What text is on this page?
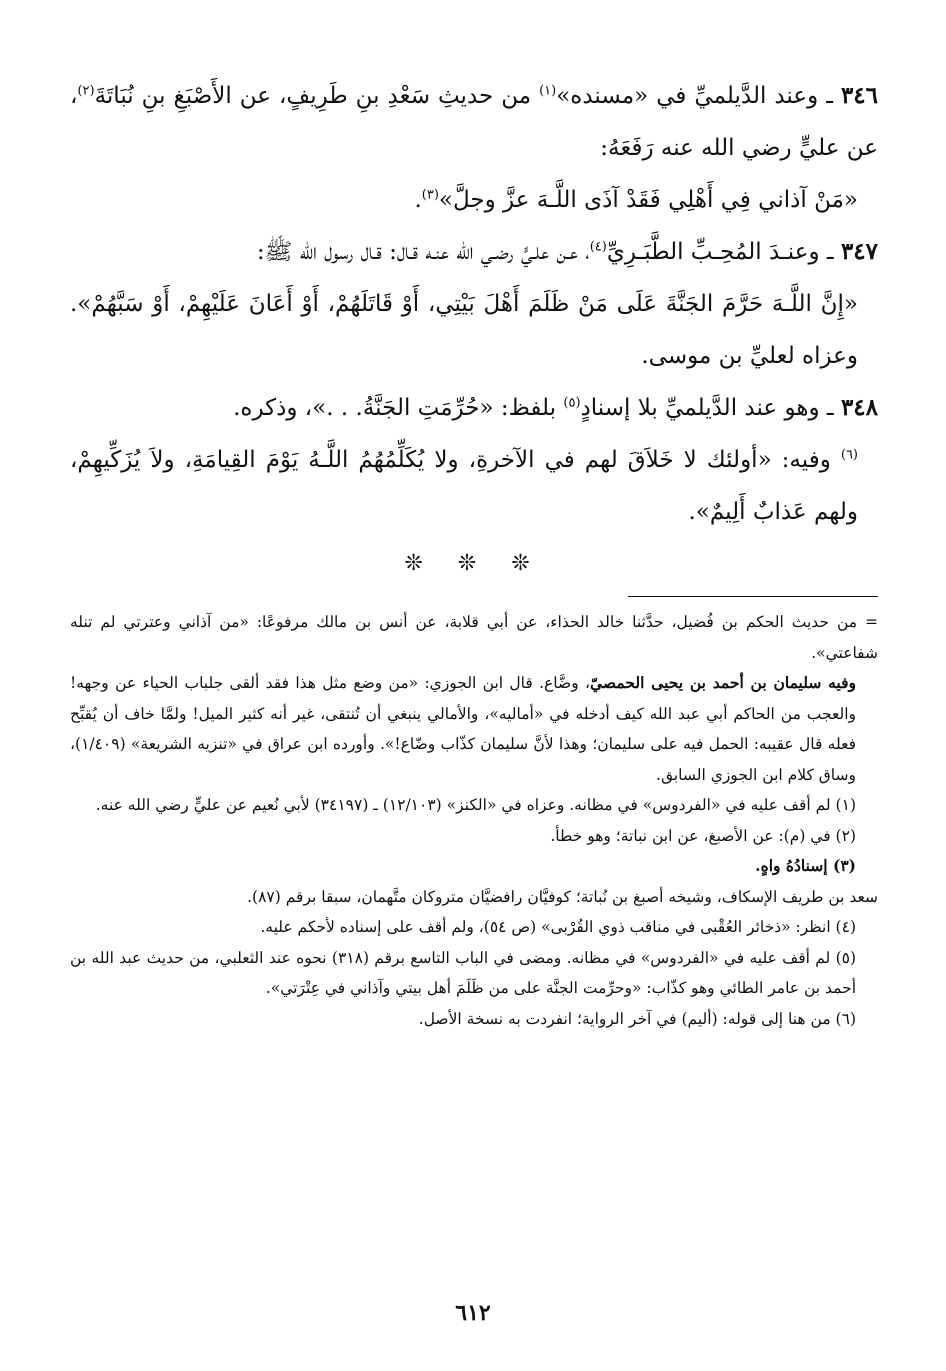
٣٤٦ ـ وعند الدَّيلميِّ في «مسنده»$^{(١)}$ من حديثِ سَعْدِ بنِ طَرِيفٍ، عن الأَصْبَغِ بنِ نُبَاتَةَ$^{(٢)}$، عن عليٍّ رضي الله عنه رَفَعَهُ:

«مَنْ آذاني فِي أَهْلِي فَقَدْ آذَى اللَّـهَ عزَّ وجلَّ»$^{(٣)}$.

٣٤٧ ـ وعنـدَ المُحِـبِّ الطَّبَـرِيِّ$^{(٤)}$، عـن علـيٍّ رضـي الله عنـه قـال: قـال رسول الله ﷺ:

«إِنَّ اللَّـهَ حَرَّمَ الجَنَّةَ عَلَى مَنْ ظَلَمَ أَهْلَ بَيْتِي، أَوْ قَاتَلَهُمْ، أَوْ أَعَانَ عَلَيْهِمْ، أَوْ سَبَّهُمْ». وعزاه لعليِّ بن موسى.

٣٤٨ ـ وهو عند الدَّيلميِّ بلا إسنادٍ$^{(٥)}$ بلفظ: «حُرِّمَتِ الجَنَّةُ. . .»، وذكره.

$^{(٦)}$ وفيه: «أولئك لا خَلاَقَ لهم في الآخرةِ، ولا يُكَلِّمُهُمُ اللَّـهُ يَوْمَ القِيامَةِ، ولاَ يُزَكِّيهِمْ، ولهم عَذابٌ أَلِيمٌ».

❊ ❊ ❊

= من حديث الحكم بن فُضيل، حدَّثنا خالد الحذاء، عن أبي قلابة، عن أنس بن مالك مرفوعًا: «من آذاني وعترتي لم تنله شفاعتي».

وفيه سليمان بن أحمد بن يحيى الحمصيّ، وضَّاع. قال ابن الجوزي: «من وضع مثل هذا فقد ألقى جلباب الحياء عن وجهه! والعجب من الحاكم أبي عبد الله كيف أدخله في «أماليه»، والأمالي ينبغي أن تُنتقى، غير أنه كثير الميل! ولمَّا خاف أن يُقبِّح فعله قال عقيبه: الحمل فيه على سليمان؛ وهذا لأنَّ سليمان كذّاب وضّاع!». وأورده ابن عراق في «تنزيه الشريعة» (١/٤٠٩)، وساق كلام ابن الجوزي السابق.

(١) لم أقف عليه في «الفردوس» في مظانه. وعزاه في «الكنز» (١٢/١٠٣) ـ (٣٤١٩٧) لأبي نُعيم عن عليٍّ رضي الله عنه.

(٢) في (م): عن الأصبغ، عن ابن نباتة؛ وهو خطأ.

(٣) إسنادُهُ واهٍ.

سعد بن طريف الإسكاف، وشيخه أصبغ بن نُباتة؛ كوفيَّان رافضيَّان متروكان متَّهمان، سبقا برقم (٨٧).

(٤) انظر: «ذخائر العُقْبى في مناقب ذوي القُرْبى» (ص ٥٤)، ولم أقف على إسناده لأحكم عليه.

(٥) لم أقف عليه في «الفردوس» في مظانه. ومضى في الباب التاسع برقم (٣١٨) نحوه عند الثعلبي، من حديث عبد الله بن أحمد بن عامر الطائي وهو كذّاب: «وحرِّمت الجنَّة على من ظَلَمَ أهل بيتي وآذاني في عِتْرَتي».

(٦) من هنا إلى قوله: (أليم) في آخر الرواية؛ انفردت به نسخة الأصل.

٦١٢
